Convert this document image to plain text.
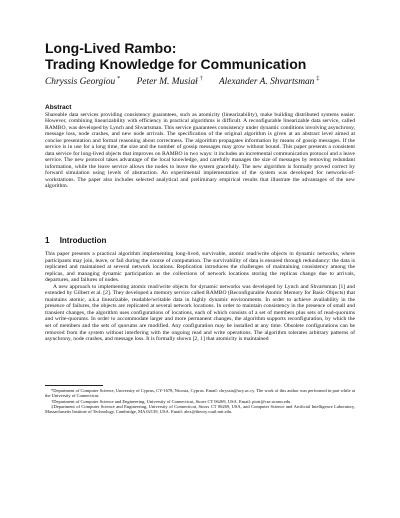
Long-Lived Rambo:
Trading Knowledge for Communication
Chryssis Georgiou * Peter M. Musiał † Alexander A. Shvartsman ‡
Abstract

Shareable data services providing consistency guarantees, such as atomicity (linearizability), make building distributed systems easier. However, combining linearizability with efficiency in practical algorithms is difficult. A reconfigurable linearizable data service, called RAMBO, was developed by Lynch and Shvartsman. This service guarantees consistency under dynamic conditions involving asynchrony, message loss, node crashes, and new node arrivals. The specification of the original algorithm is given at an abstract level aimed at concise presentation and formal reasoning about correctness. The algorithm propagates information by means of gossip messages. If the service is in use for a long time, the size and the number of gossip messages may grow without bound. This paper presents a consistent data service for long-lived objects that improves on RAMBO in two ways: it includes an incremental communication protocol and a leave service. The new protocol takes advantage of the local knowledge, and carefully manages the size of messages by removing redundant information, while the leave service allows the nodes to leave the system gracefully. The new algorithm is formally proved correct by forward simulation using levels of abstraction. An experimental implementation of the system was developed for networks-of-workstations. The paper also includes selected analytical and preliminary empirical results that illustrate the advantages of the new algorithm.

1 Introduction

This paper presents a practical algorithm implementing long-lived, survivable, atomic read/write objects in dynamic networks, where participants may join, leave, or fail during the course of computation. The survivability of data is ensured through redundancy: the data is replicated and maintained at several network locations. Replication introduces the challenges of maintaining consistency among the replicas, and managing dynamic participation as the collections of network locations storing the replicas change due to arrivals, departures, and failures of nodes.

A new approach to implementing atomic read/write objects for dynamic networks was developed by Lynch and Shvartsman [1] and extended by Gilbert et al. [2]. They developed a memory service called RAMBO (Reconfigurable Atomic Memory for Basic Objects) that maintains atomic, a.k.a linearizable, readable/writable data in highly dynamic environments. In order to achieve availability in the presence of failures, the objects are replicated at several network locations. In order to maintain consistency in the presence of small and transient changes, the algorithm uses configurations of locations, each of which consists of a set of members plus sets of read-quorums and write-quorums. In order to accommodate larger and more permanent changes, the algorithm supports reconfiguration, by which the set of members and the sets of quorums are modified. Any configuration may be installed at any time. Obsolete configurations can be removed from the system without interfering with the ongoing read and write operations. The algorithm tolerates arbitrary patterns of asynchrony, node crashes, and message loss. It is formally shown [2, 1] that atomicity is maintained

*Department of Computer Science, University of Cyprus, CY-1678, Nicosia, Cyprus. Email: chryssis@ucy.ac.cy. The work of this author was performed in part while at the University of Connecticut.
†Department of Computer Science and Engineering, University of Connecticut, Storrs CT 06269, USA. Email: piotr@cse.uconn.edu
‡Department of Computer Science and Engineering, University of Connecticut, Storrs CT 06269, USA, and Computer Science and Artificial Intelligence Laboratory, Massachusetts Institute of Technology, Cambridge, MA 02139, USA. Email: alex@theory.csail.mit.edu.
